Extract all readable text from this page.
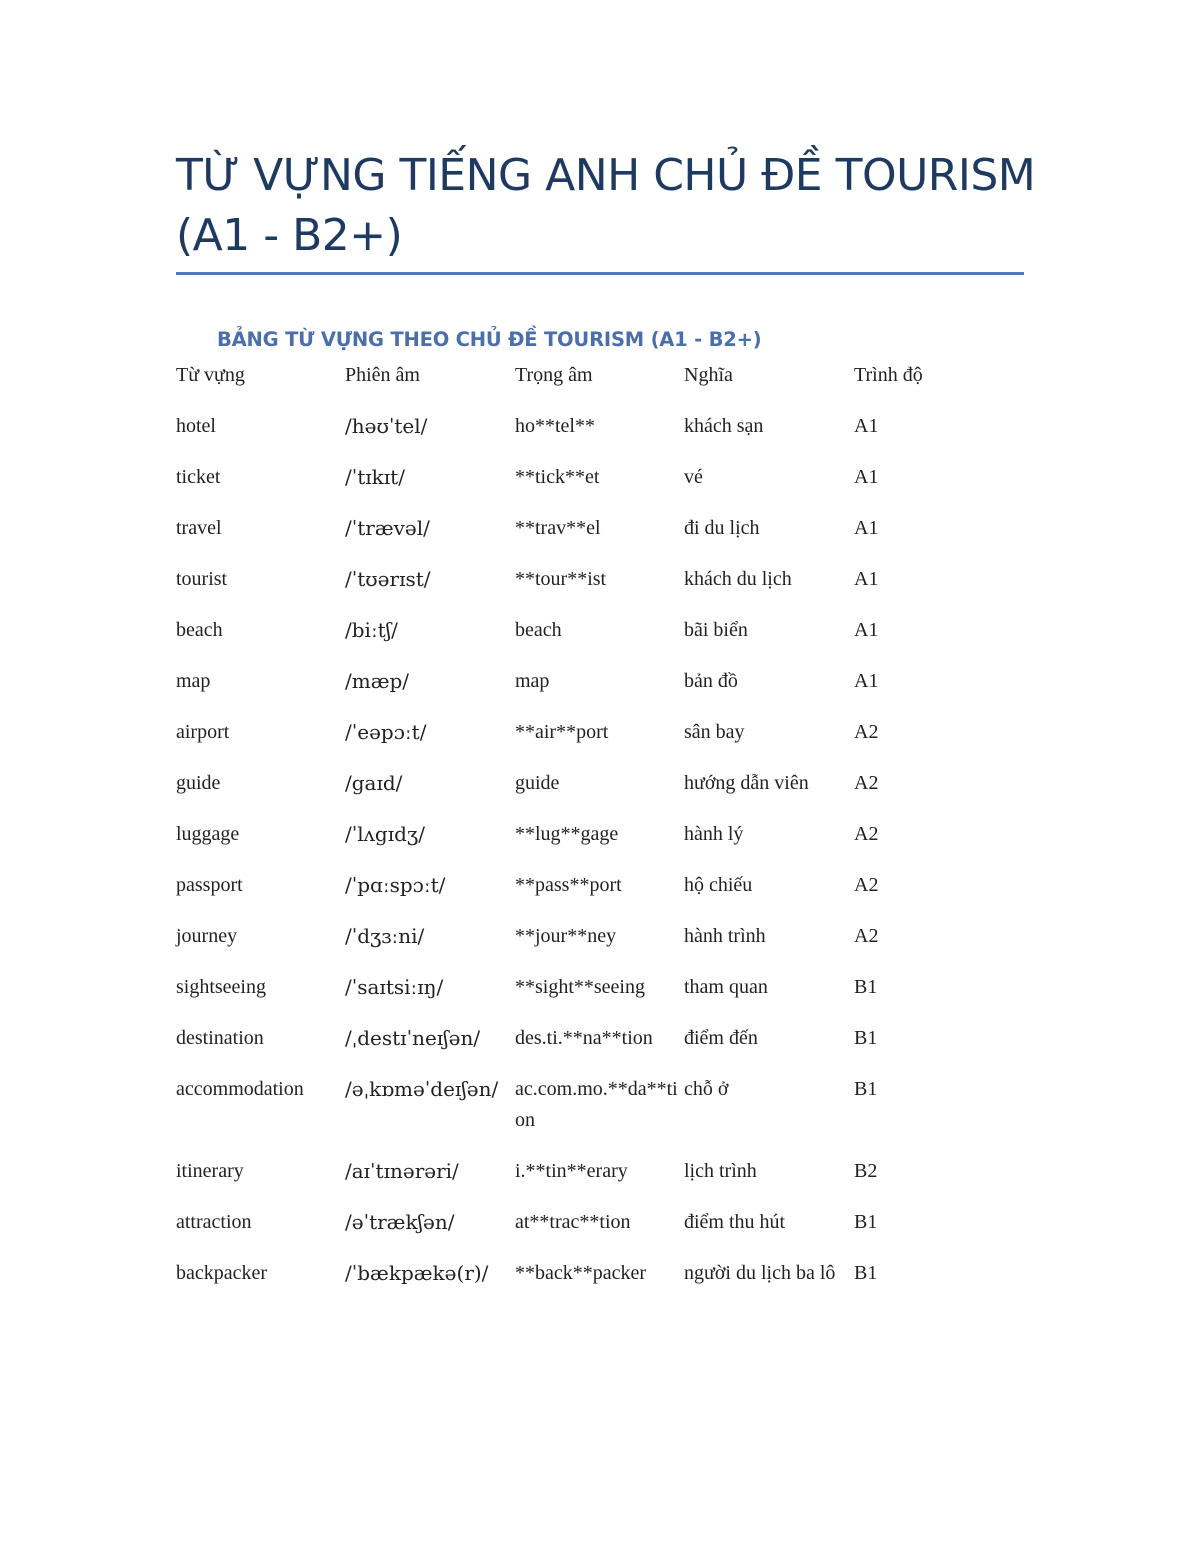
TỪ VỰNG TIẾNG ANH CHỦ ĐỀ TOURISM
(A1 - B2+)
BẢNG TỪ VỰNG THEO CHỦ ĐỀ TOURISM (A1 - B2+)
Từ vựng	Phiên âm	Trọng âm	Nghĩa	Trình độ
hotel	/həʊˈtel/	ho**tel**	khách sạn	A1
ticket	/ˈtɪkɪt/	**tick**et	vé	A1
travel	/ˈtrævəl/	**trav**el	đi du lịch	A1
tourist	/ˈtʊərɪst/	**tour**ist	khách du lịch	A1
beach	/biːtʃ/	beach	bãi biển	A1
map	/mæp/	map	bản đồ	A1
airport	/ˈeəpɔːt/	**air**port	sân bay	A2
guide	/gaɪd/	guide	hướng dẫn viên	A2
luggage	/ˈlʌgɪdʒ/	**lug**gage	hành lý	A2
passport	/ˈpɑːspɔːt/	**pass**port	hộ chiếu	A2
journey	/ˈdʒɜːni/	**jour**ney	hành trình	A2
sightseeing	/ˈsaɪtsiːɪŋ/	**sight**seeing	tham quan	B1
destination	/ˌdestɪˈneɪʃən/	des.ti.**na**tion	điểm đến	B1
accommodation	/əˌkɒməˈdeɪʃən/	ac.com.mo.**da**tion	chỗ ở	B1
itinerary	/aɪˈtɪnərəri/	i.**tin**erary	lịch trình	B2
attraction	/əˈtrækʃən/	at**trac**tion	điểm thu hút	B1
backpacker	/ˈbækpækə(r)/	**back**packer	người du lịch ba lô	B1
